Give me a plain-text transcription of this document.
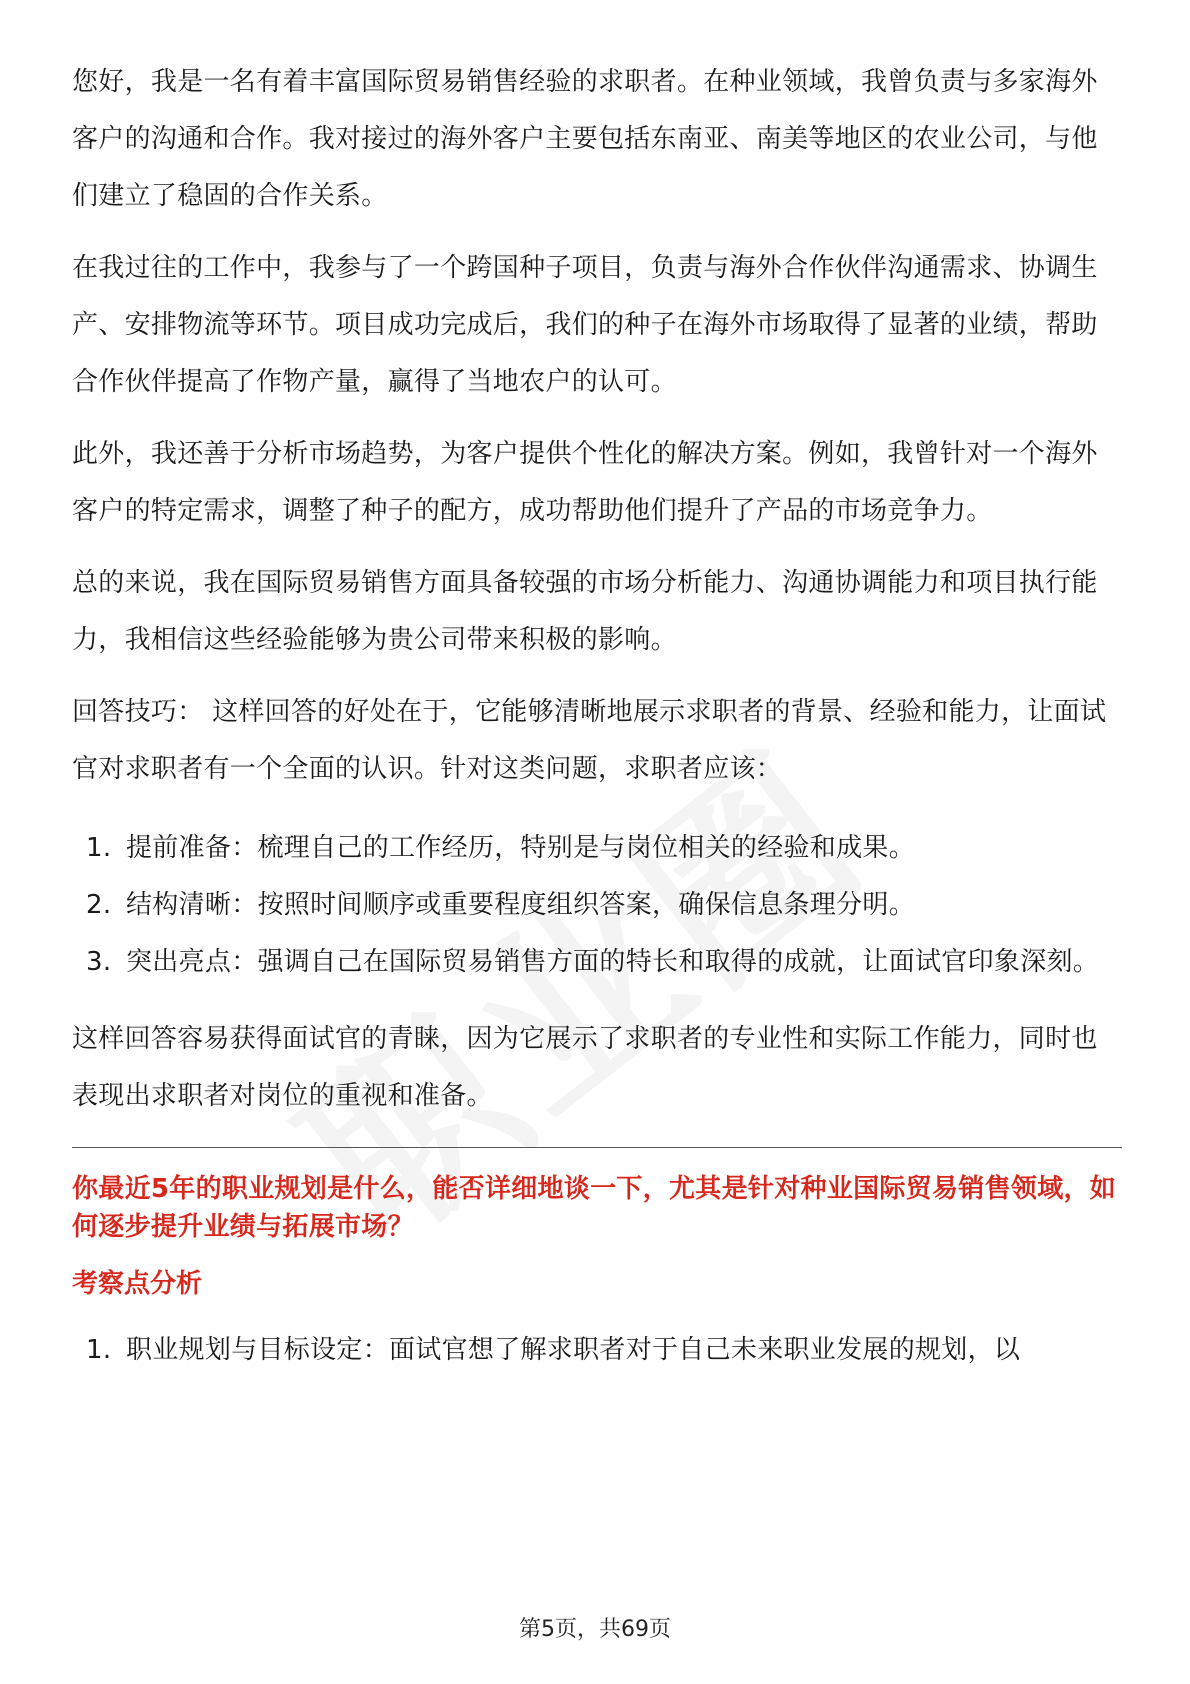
您好，我是一名有着丰富国际贸易销售经验的求职者。在种业领域，我曾负责与多家海外客户的沟通和合作。我对接过的海外客户主要包括东南亚、南美等地区的农业公司，与他们建立了稳固的合作关系。

在我过往的工作中，我参与了一个跨国种子项目，负责与海外合作伙伴沟通需求、协调生产、安排物流等环节。项目成功完成后，我们的种子在海外市场取得了显著的业绩，帮助合作伙伴提高了作物产量，赢得了当地农户的认可。

此外，我还善于分析市场趋势，为客户提供个性化的解决方案。例如，我曾针对一个海外客户的特定需求，调整了种子的配方，成功帮助他们提升了产品的市场竞争力。

总的来说，我在国际贸易销售方面具备较强的市场分析能力、沟通协调能力和项目执行能力，我相信这些经验能够为贵公司带来积极的影响。

回答技巧： 这样回答的好处在于，它能够清晰地展示求职者的背景、经验和能力，让面试官对求职者有一个全面的认识。针对这类问题，求职者应该：

1. 提前准备：梳理自己的工作经历，特别是与岗位相关的经验和成果。
2. 结构清晰：按照时间顺序或重要程度组织答案，确保信息条理分明。
3. 突出亮点：强调自己在国际贸易销售方面的特长和取得的成就，让面试官印象深刻。

这样回答容易获得面试官的青睐，因为它展示了求职者的专业性和实际工作能力，同时也表现出求职者对岗位的重视和准备。

你最近5年的职业规划是什么，能否详细地谈一下，尤其是针对种业国际贸易销售领域，如何逐步提升业绩与拓展市场？
考察点分析
1. 职业规划与目标设定：面试官想了解求职者对于自己未来职业发展的规划，以
第5页，共69页
